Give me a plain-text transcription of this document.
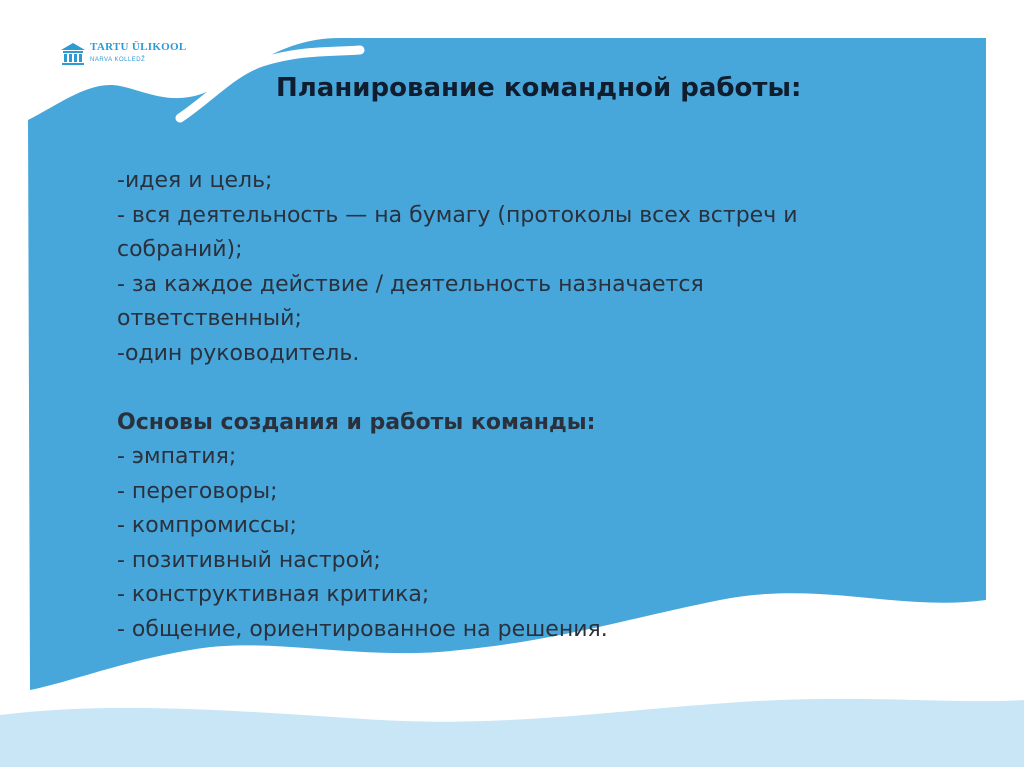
TARTU ÜLIKOOL
NARVA KOLLEDŽ
Планирование командной работы:
-идея и цель;
- вся деятельность — на бумагу (протоколы всех встреч и
собраний);
- за каждое действие / деятельность назначается
ответственный;
-один руководитель.
Основы создания и работы команды:
- эмпатия;
- переговоры;
- компромиссы;
- позитивный настрой;
- конструктивная критика;
- общение, ориентированное на решения.
